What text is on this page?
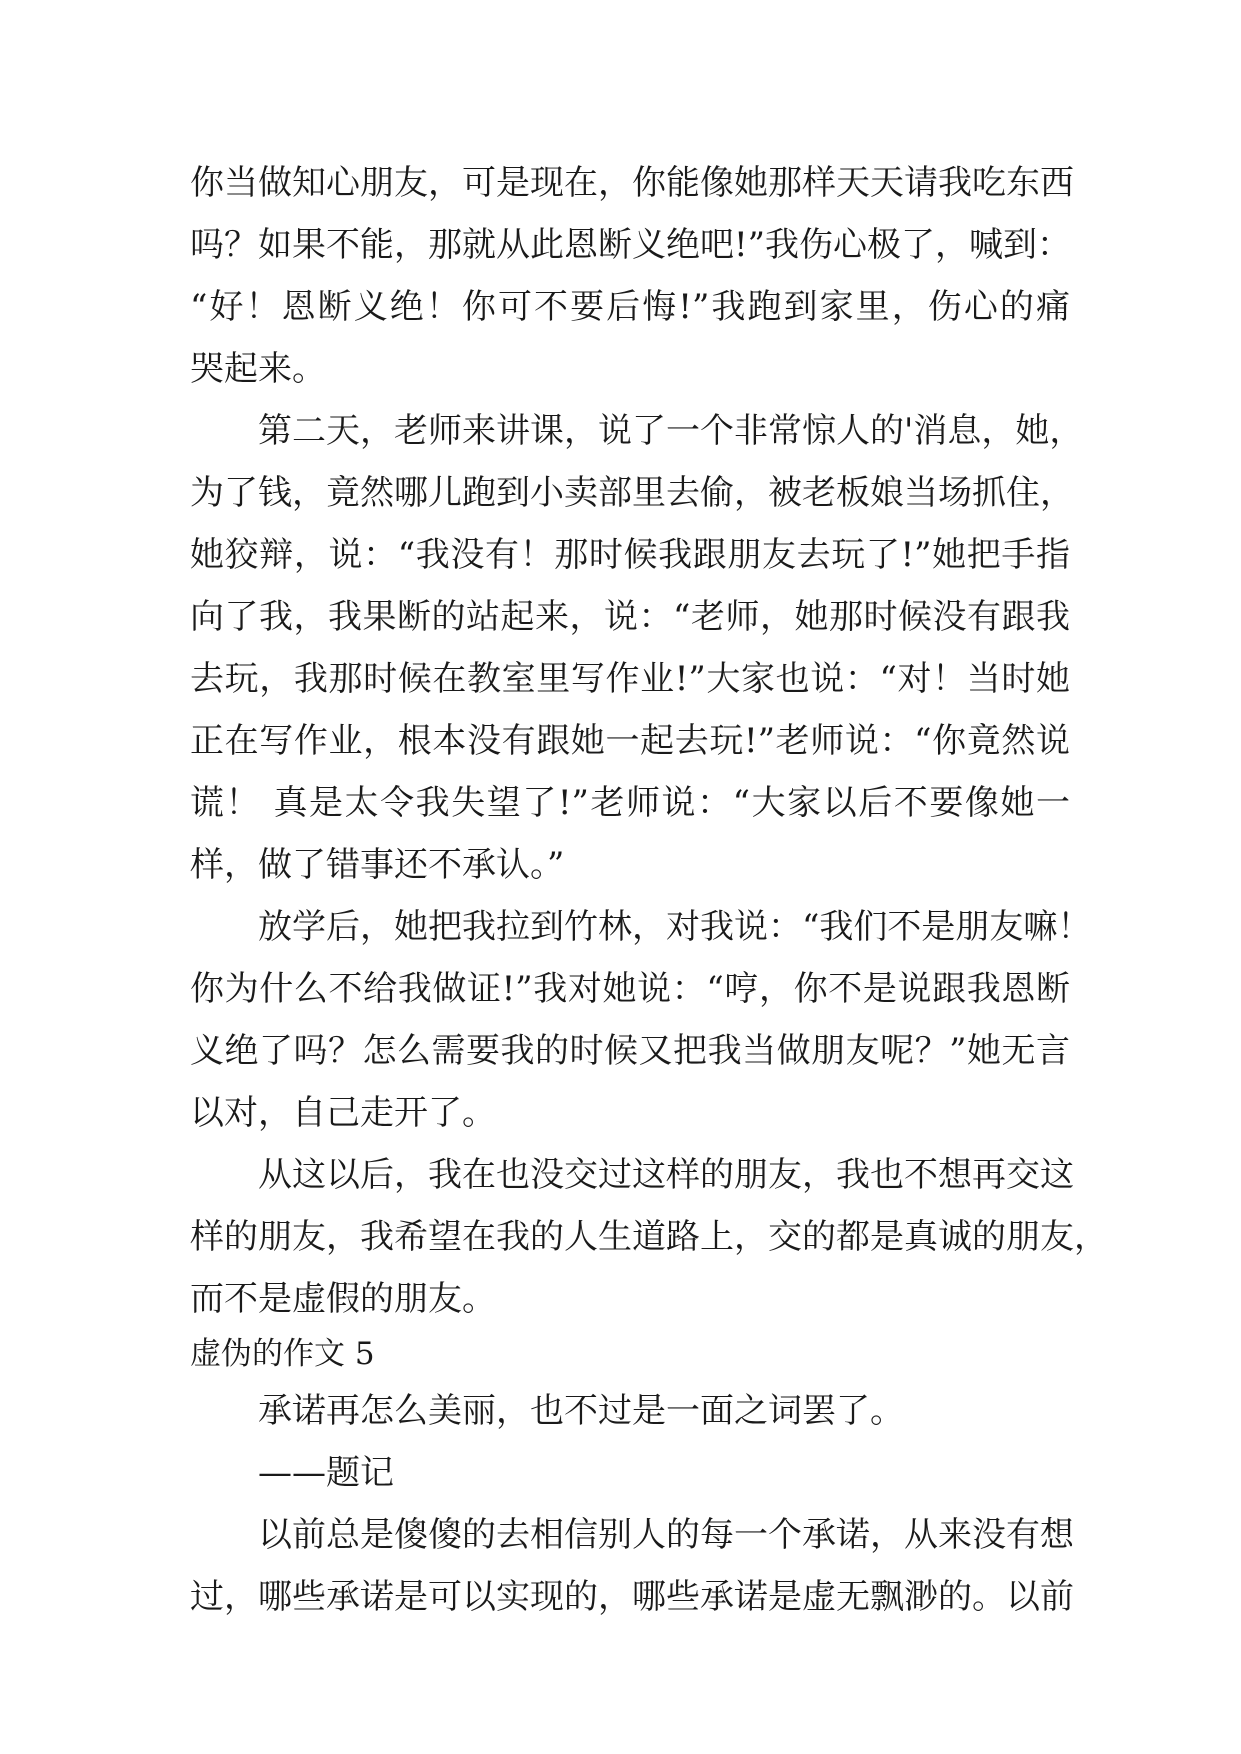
你当做知心朋友，可是现在，你能像她那样天天请我吃东西
吗？如果不能，那就从此恩断义绝吧!”我伤心极了，喊到：
“好！恩断义绝！你可不要后悔!”我跑到家里，伤心的痛
哭起来。
第二天，老师来讲课，说了一个非常惊人的'消息，她，
为了钱，竟然哪儿跑到小卖部里去偷，被老板娘当场抓住，
她狡辩，说：“我没有！那时候我跟朋友去玩了!”她把手指
向了我，我果断的站起来，说：“老师，她那时候没有跟我
去玩，我那时候在教室里写作业!”大家也说：“对！当时她
正在写作业，根本没有跟她一起去玩!”老师说：“你竟然说
谎！ 真是太令我失望了!”老师说：“大家以后不要像她一
样，做了错事还不承认。”
放学后，她把我拉到竹林，对我说：“我们不是朋友嘛！
你为什么不给我做证!”我对她说：“哼，你不是说跟我恩断
义绝了吗？怎么需要我的时候又把我当做朋友呢？”她无言
以对，自己走开了。
从这以后，我在也没交过这样的朋友，我也不想再交这
样的朋友，我希望在我的人生道路上，交的都是真诚的朋友，
而不是虚假的朋友。
虚伪的作文 5
承诺再怎么美丽，也不过是一面之词罢了。
——题记
以前总是傻傻的去相信别人的每一个承诺，从来没有想
过，哪些承诺是可以实现的，哪些承诺是虚无飘渺的。以前
